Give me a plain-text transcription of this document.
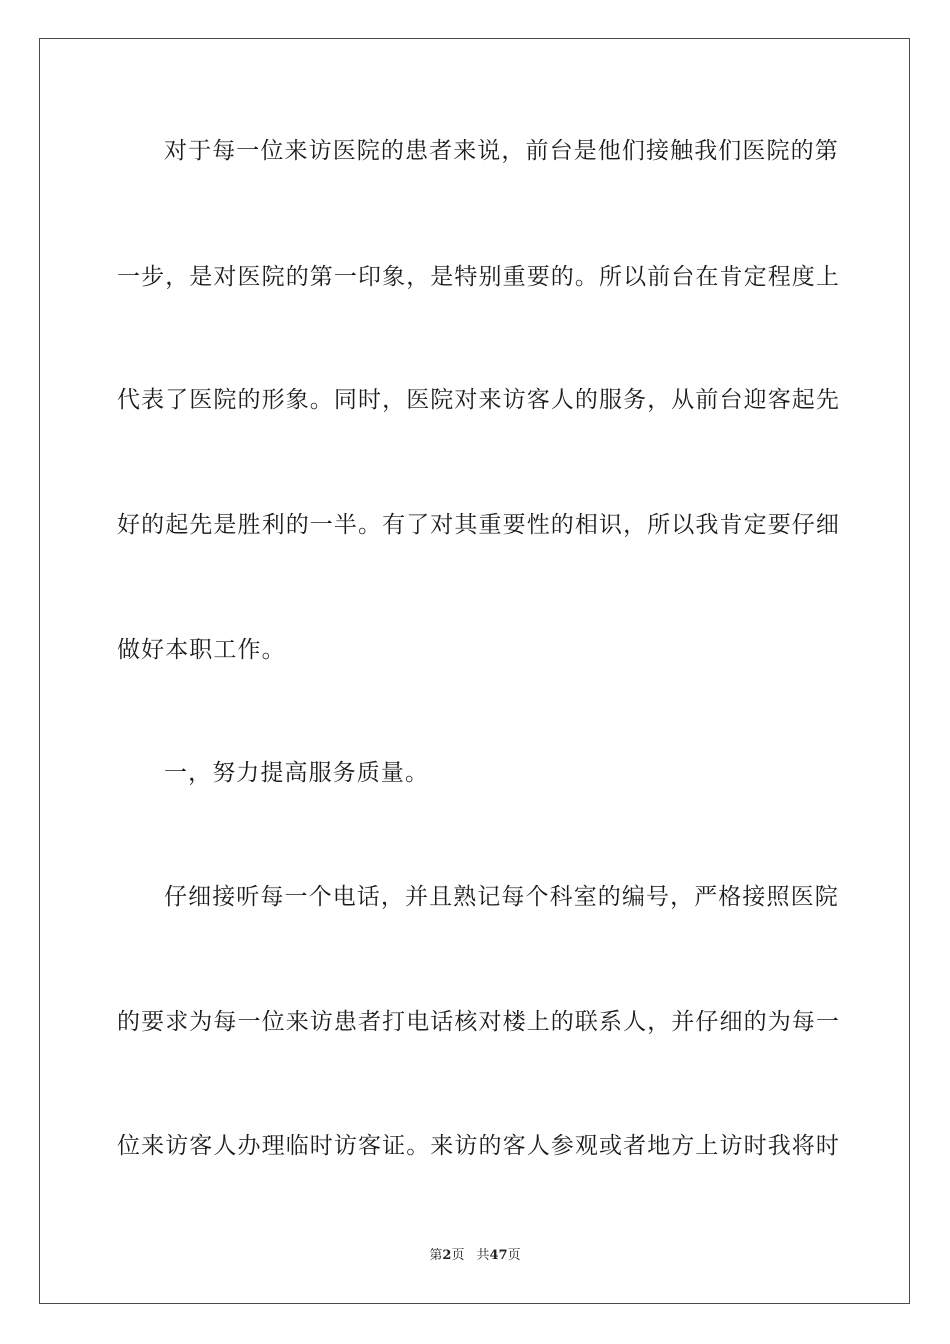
对于每一位来访医院的患者来说，前台是他们接触我们医院的第
一步，是对医院的第一印象，是特别重要的。所以前台在肯定程度上
代表了医院的形象。同时，医院对来访客人的服务，从前台迎客起先
好的起先是胜利的一半。有了对其重要性的相识，所以我肯定要仔细
做好本职工作。
一，努力提高服务质量。
仔细接听每一个电话，并且熟记每个科室的编号，严格接照医院
的要求为每一位来访患者打电话核对楼上的联系人，并仔细的为每一
位来访客人办理临时访客证。来访的客人参观或者地方上访时我将时
第2页 共47页
